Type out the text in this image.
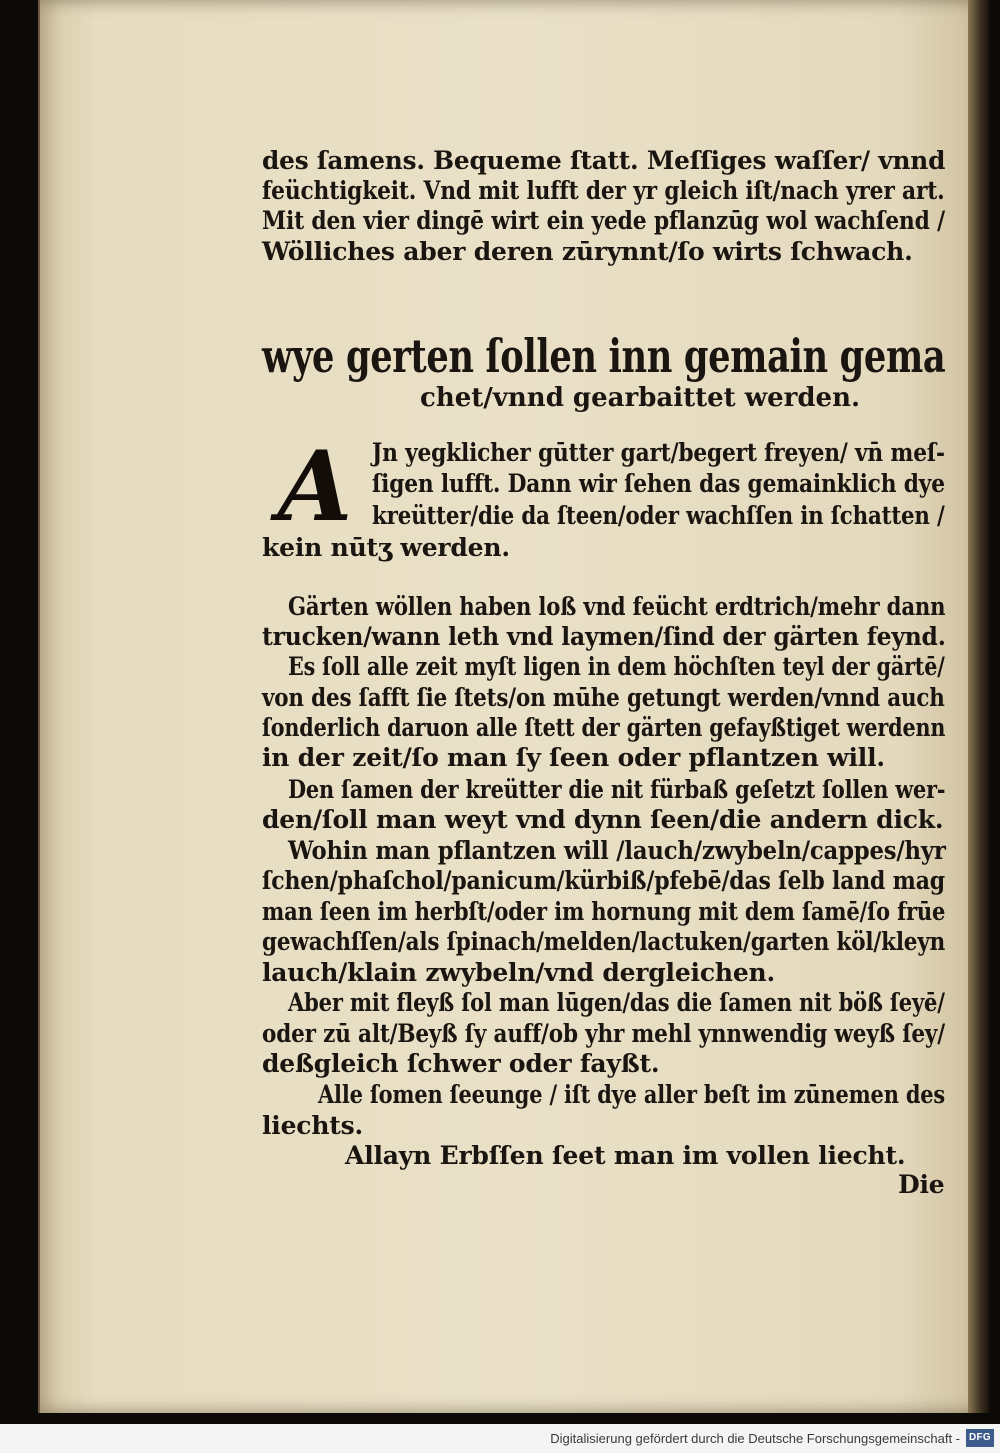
des ſamens. Bequeme ſtatt. Meſſiges waſſer/ vnnd
feüchtigkeit. Vnd mit lufft der yr gleich iſt/nach yrer art.
Mit den vier dingē wirt ein yede pflanzūg wol wachſend /
Wölliches aber deren zūrynnt/ſo wirts ſchwach.
wye gerten ſollen inn gemain gema
chet/vnnd gearbaittet werden.
A Jn yegklicher gūtter gart/begert freyen/ vn̄ meſ-
ſigen lufft. Dann wir ſehen das gemainklich dye
kreütter/die da ſteen/oder wachſſen in ſchatten /
kein nūtʒ werden.
Gärten wöllen haben loß vnd feücht erdtrich/mehr dann
trucken/wann leth vnd laymen/ſind der gärten feynd.
Es ſoll alle zeit myſt ligen in dem höchſten teyl der gärtē/
von des ſafft ſie ſtets/on mūhe getungt werden/vnnd auch
ſonderlich daruon alle ſtett der gärten gefayßtiget werdenn
in der zeit/ſo man ſy ſeen oder pflantzen will.
Den ſamen der kreütter die nit fürbaß geſetzt ſollen wer-
den/ſoll man weyt vnd dynn ſeen/die andern dick.
Wohin man pflantzen will /lauch/zwybeln/cappes/hyr
ſchen/phaſchol/panicum/kürbiß/pfebē/das ſelb land mag
man ſeen im herbſt/oder im hornung mit dem ſamē/ſo frūe
gewachſſen/als ſpinach/melden/lactuken/garten köl/kleyn
lauch/klain zwybeln/vnd dergleichen.
Aber mit fleyß ſol man lūgen/das die ſamen nit böß ſeyē/
oder zū alt/Beyß ſy auff/ob yhr mehl ynnwendig weyß ſey/
deßgleich ſchwer oder fayßt.
Alle ſomen ſeeunge / iſt dye aller beſt im zūnemen des
liechts.
Allayn Erbſſen ſeet man im vollen liecht.
Die
Digitalisierung gefördert durch die Deutsche Forschungsgemeinschaft - DFG
